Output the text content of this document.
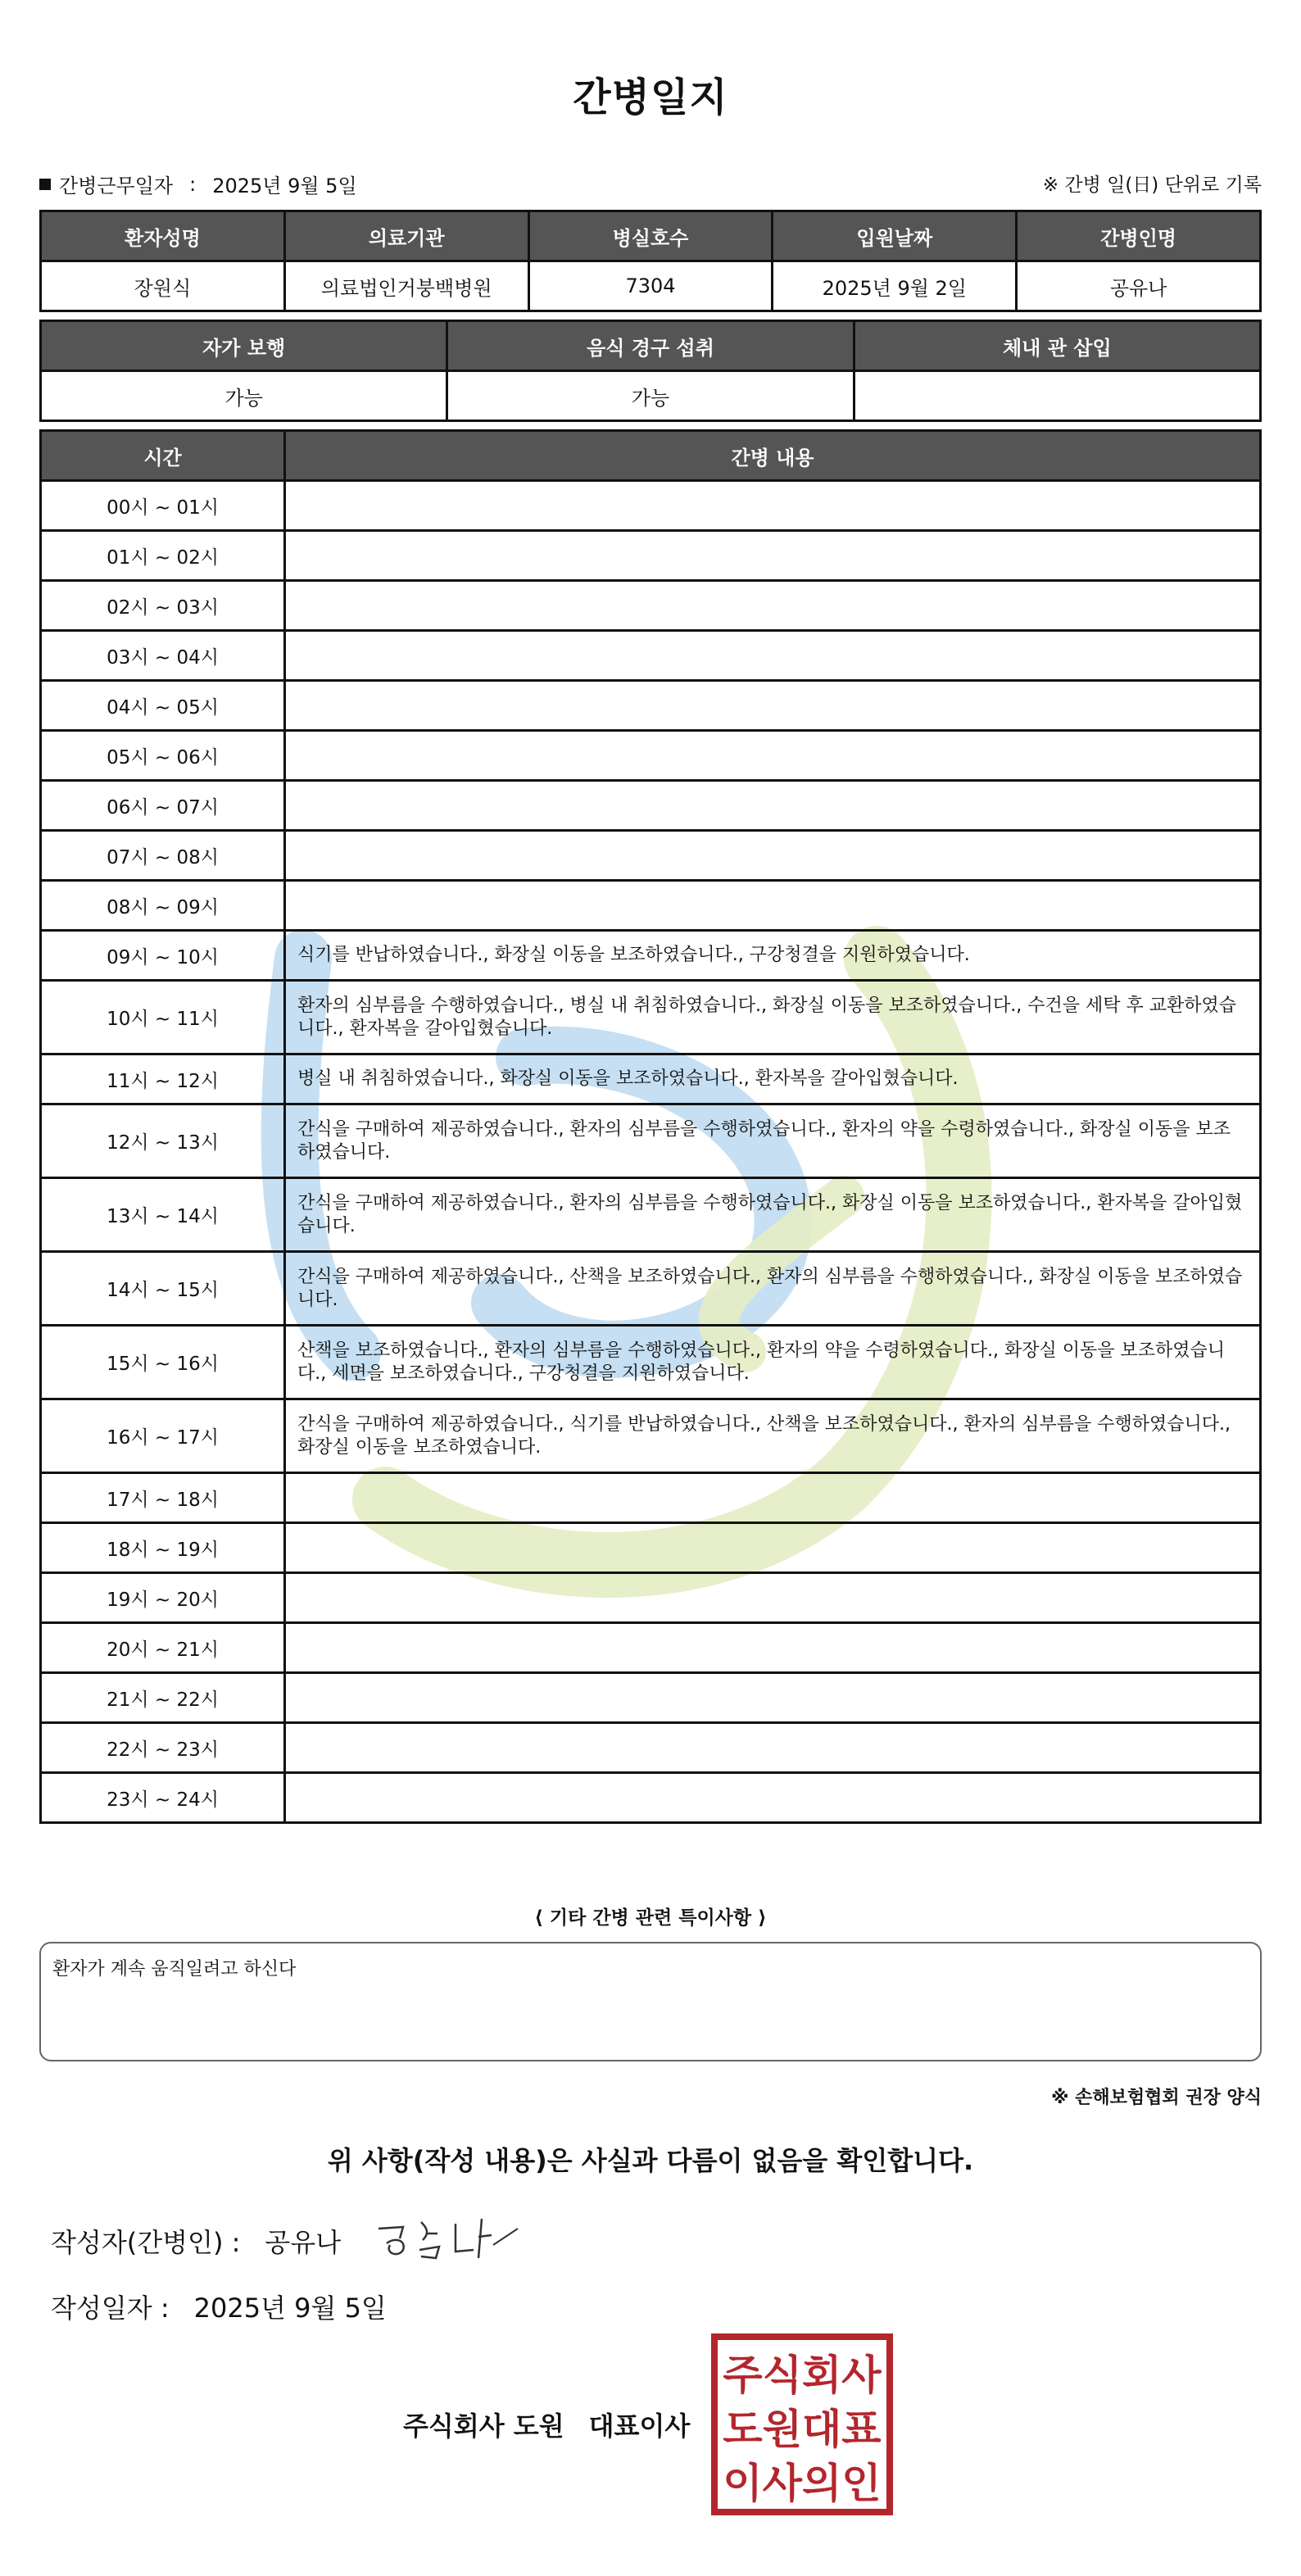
간병일지
간병근무일자 : 2025년 9월 5일	※ 간병 일(日) 단위로 기록
환자성명	의료기관	병실호수	입원날짜	간병인명
장원식	의료법인거붕백병원	7304	2025년 9월 2일	공유나
자가 보행	음식 경구 섭취	체내 관 삽입
가능	가능	
시간	간병 내용
00시 ~ 01시	
01시 ~ 02시	
02시 ~ 03시	
03시 ~ 04시	
04시 ~ 05시	
05시 ~ 06시	
06시 ~ 07시	
07시 ~ 08시	
08시 ~ 09시	
09시 ~ 10시	식기를 반납하였습니다., 화장실 이동을 보조하였습니다., 구강청결을 지원하였습니다.
10시 ~ 11시	환자의 심부름을 수행하였습니다., 병실 내 취침하였습니다., 화장실 이동을 보조하였습니다., 수건을 세탁 후 교환하였습니다., 환자복을 갈아입혔습니다.
11시 ~ 12시	병실 내 취침하였습니다., 화장실 이동을 보조하였습니다., 환자복을 갈아입혔습니다.
12시 ~ 13시	간식을 구매하여 제공하였습니다., 환자의 심부름을 수행하였습니다., 환자의 약을 수령하였습니다., 화장실 이동을 보조하였습니다.
13시 ~ 14시	간식을 구매하여 제공하였습니다., 환자의 심부름을 수행하였습니다., 화장실 이동을 보조하였습니다., 환자복을 갈아입혔습니다.
14시 ~ 15시	간식을 구매하여 제공하였습니다., 산책을 보조하였습니다., 환자의 심부름을 수행하였습니다., 화장실 이동을 보조하였습니다.
15시 ~ 16시	산책을 보조하였습니다., 환자의 심부름을 수행하였습니다., 환자의 약을 수령하였습니다., 화장실 이동을 보조하였습니다., 세면을 보조하였습니다., 구강청결을 지원하였습니다.
16시 ~ 17시	간식을 구매하여 제공하였습니다., 식기를 반납하였습니다., 산책을 보조하였습니다., 환자의 심부름을 수행하였습니다., 화장실 이동을 보조하였습니다.
17시 ~ 18시	
18시 ~ 19시	
19시 ~ 20시	
20시 ~ 21시	
21시 ~ 22시	
22시 ~ 23시	
23시 ~ 24시	
⟨ 기타 간병 관련 특이사항 ⟩
환자가 계속 움직일려고 하신다
※ 손해보험협회 권장 양식
위 사항(작성 내용)은 사실과 다름이 없음을 확인합니다.
작성자(간병인) : 공유나
작성일자 : 2025년 9월 5일
주식회사 도원 대표이사
주식회사
도원대표
이사의인
